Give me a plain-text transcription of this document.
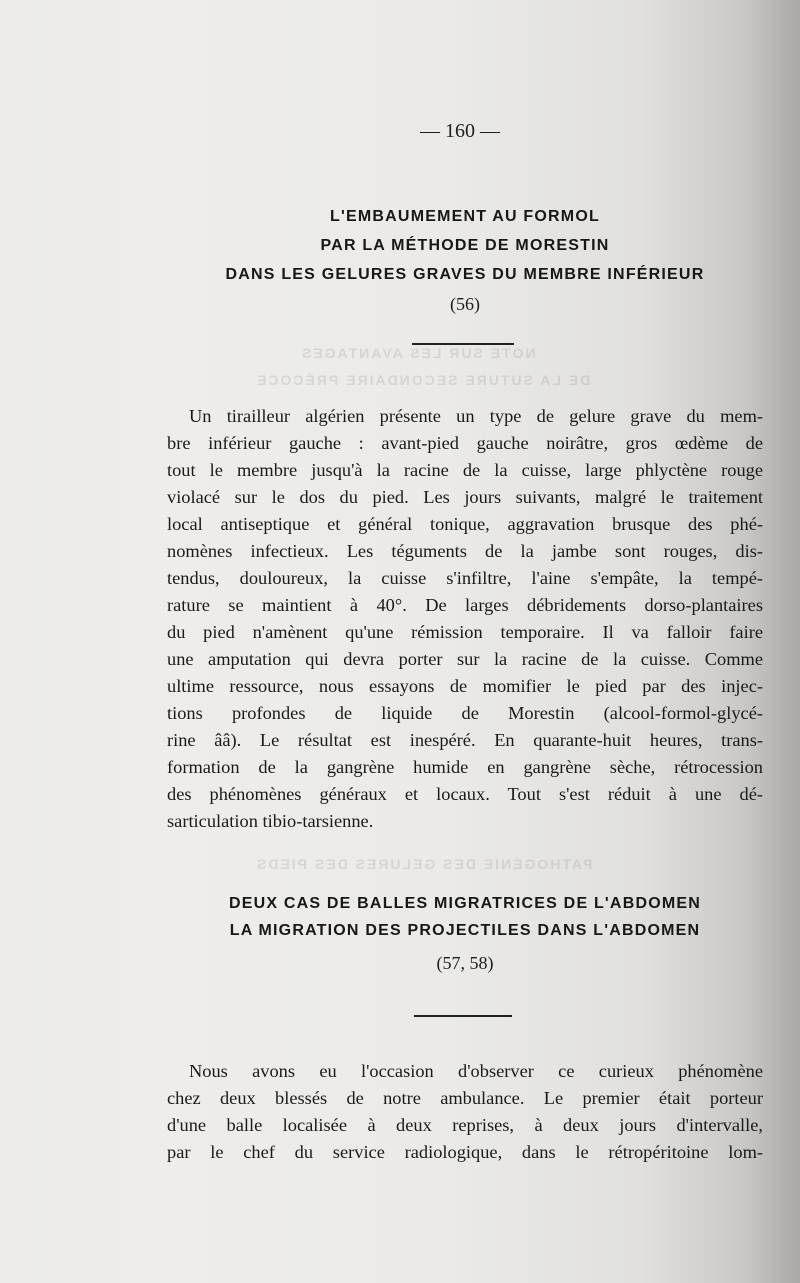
NOTE SUR LES AVANTAGES
DE LA SUTURE SECONDAIRE PRÉCOCE
PATHOGÉNIE DES GELURES DES PIEDS
— 160 —
L'EMBAUMEMENT AU FORMOL
PAR LA MÉTHODE DE MORESTIN
DANS LES GELURES GRAVES DU MEMBRE INFÉRIEUR
(56)
Un tirailleur algérien présente un type de gelure grave du mem-
bre inférieur gauche : avant-pied gauche noirâtre, gros œdème de
tout le membre jusqu'à la racine de la cuisse, large phlyctène rouge
violacé sur le dos du pied. Les jours suivants, malgré le traitement
local antiseptique et général tonique, aggravation brusque des phé-
nomènes infectieux. Les téguments de la jambe sont rouges, dis-
tendus, douloureux, la cuisse s'infiltre, l'aine s'empâte, la tempé-
rature se maintient à 40°. De larges débridements dorso-plantaires
du pied n'amènent qu'une rémission temporaire. Il va falloir faire
une amputation qui devra porter sur la racine de la cuisse. Comme
ultime ressource, nous essayons de momifier le pied par des injec-
tions profondes de liquide de Morestin (alcool-formol-glycé-
rine ââ). Le résultat est inespéré. En quarante-huit heures, trans-
formation de la gangrène humide en gangrène sèche, rétrocession
des phénomènes généraux et locaux. Tout s'est réduit à une dé-
sarticulation tibio-tarsienne.
DEUX CAS DE BALLES MIGRATRICES DE L'ABDOMEN
LA MIGRATION DES PROJECTILES DANS L'ABDOMEN
(57, 58)
Nous avons eu l'occasion d'observer ce curieux phénomène
chez deux blessés de notre ambulance. Le premier était porteur
d'une balle localisée à deux reprises, à deux jours d'intervalle,
par le chef du service radiologique, dans le rétropéritoine lom-
